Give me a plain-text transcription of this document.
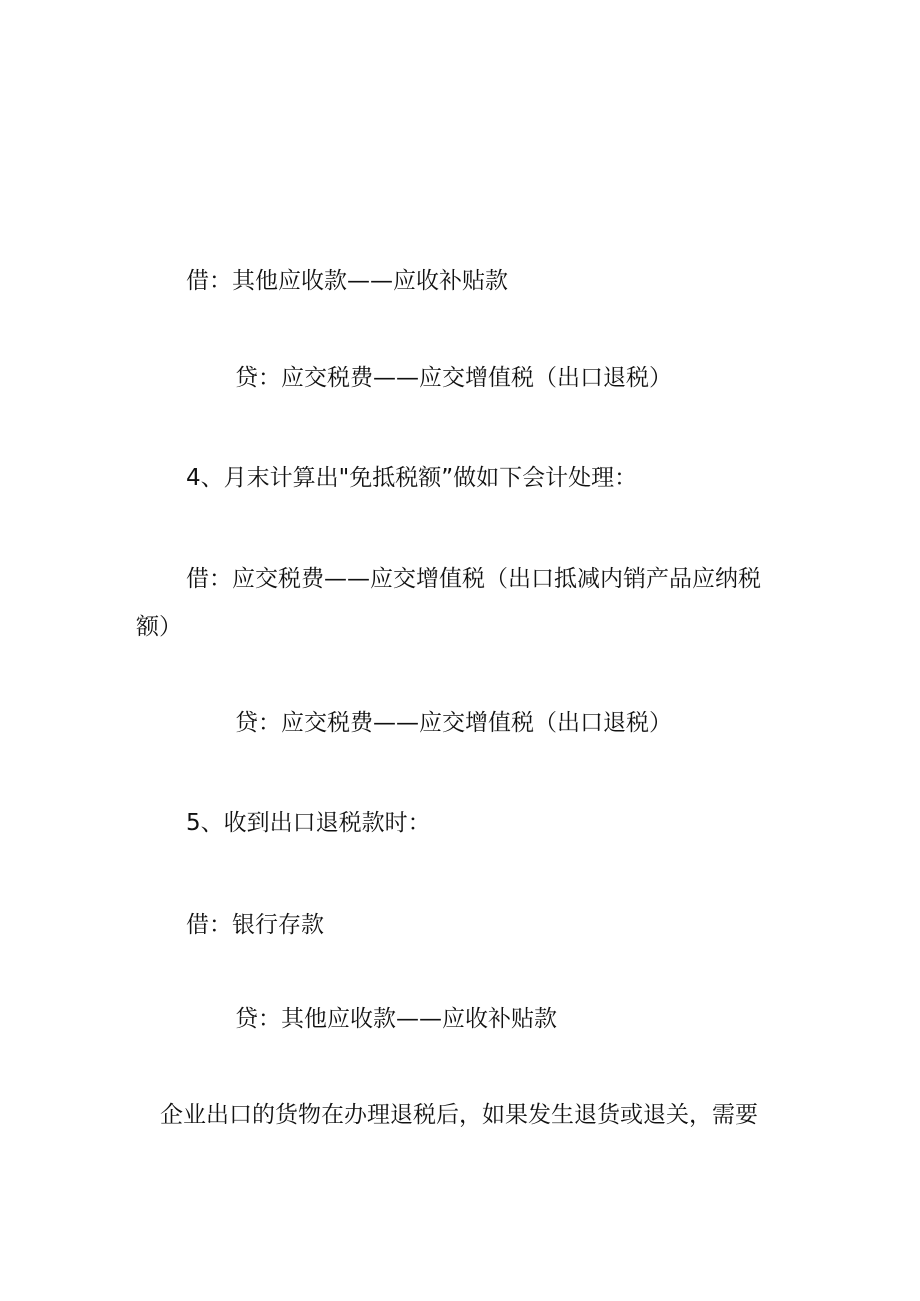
借：其他应收款——应收补贴款
贷：应交税费——应交增值税（出口退税）
4、月末计算出"免抵税额”做如下会计处理：
借：应交税费——应交增值税（出口抵减内销产品应纳税额）
贷：应交税费——应交增值税（出口退税）
5、收到出口退税款时：
借：银行存款
贷：其他应收款——应收补贴款
企业出口的货物在办理退税后，如果发生退货或退关，需要
